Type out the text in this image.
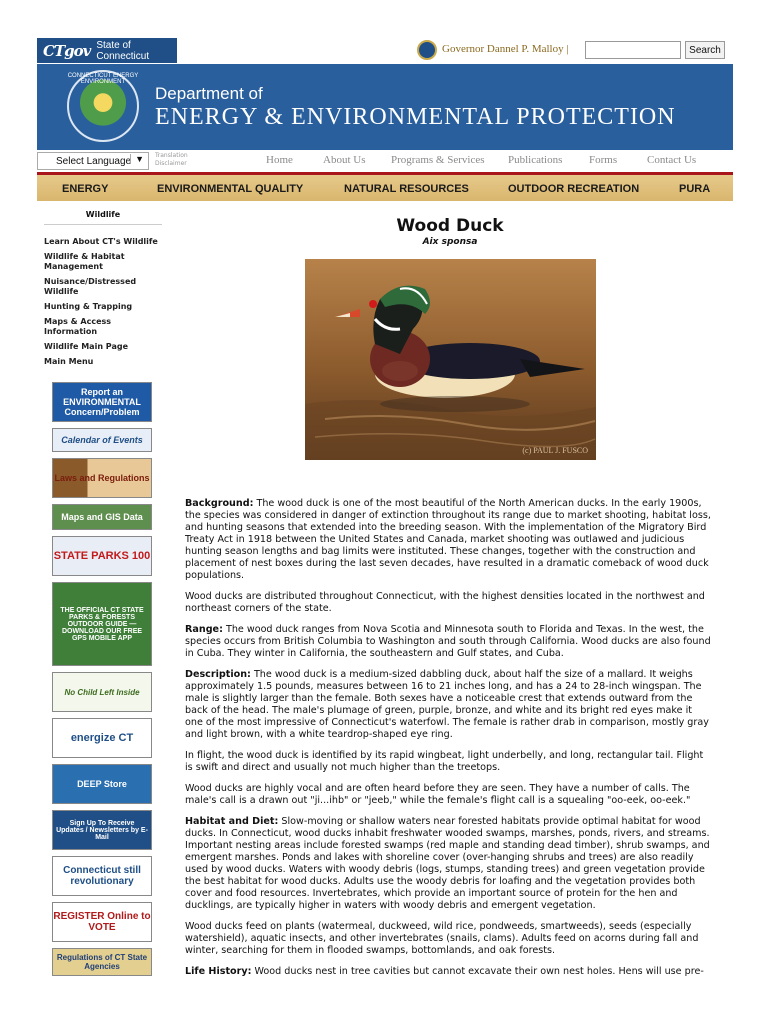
CTgov State of Connecticut
Governor Dannel P. Malloy |	Search
CONNECTICUT ENERGY ENVIRONMENT
Department of
ENERGY & ENVIRONMENTAL PROTECTION
Select Language ▼ Translation
Disclaimer	Home	About Us Programs & Services Publications Forms	Contact Us
ENERGY	ENVIRONMENTAL QUALITY	NATURAL RESOURCES	OUTDOOR RECREATION	PURA
Wildlife
Learn About CT's Wildlife
Wildlife & Habitat Management
Nuisance/Distressed Wildlife
Hunting & Trapping
Maps & Access Information
Wildlife Main Page
Main Menu
Report an ENVIRONMENTAL Concern/Problem
Calendar of Events
Laws and Regulations
Maps and GIS Data
STATE PARKS 100
THE OFFICIAL CT STATE PARKS & FORESTS OUTDOOR GUIDE — DOWNLOAD OUR FREE GPS MOBILE APP
No Child Left Inside
energize CT
DEEP Store
Sign Up To Receive Updates / Newsletters by E-Mail
Connecticut still revolutionary
REGISTER Online to VOTE
Regulations of CT State Agencies
Wood Duck
Aix sponsa
(c) PAUL J. FUSCO

Background: The wood duck is one of the most beautiful of the North American ducks. In the early 1900s, the species was considered in danger of extinction throughout its range due to market shooting, habitat loss, and hunting seasons that extended into the breeding season. With the implementation of the Migratory Bird Treaty Act in 1918 between the United States and Canada, market shooting was outlawed and judicious hunting season lengths and bag limits were instituted. These changes, together with the construction and placement of nest boxes during the last seven decades, have resulted in a dramatic comeback of wood duck populations.

Wood ducks are distributed throughout Connecticut, with the highest densities located in the northwest and northeast corners of the state.

Range: The wood duck ranges from Nova Scotia and Minnesota south to Florida and Texas. In the west, the species occurs from British Columbia to Washington and south through California. Wood ducks are also found in Cuba. They winter in California, the southeastern and Gulf states, and Cuba.

Description: The wood duck is a medium-sized dabbling duck, about half the size of a mallard. It weighs approximately 1.5 pounds, measures between 16 to 21 inches long, and has a 24 to 28-inch wingspan. The male is slightly larger than the female. Both sexes have a noticeable crest that extends outward from the back of the head. The male's plumage of green, purple, bronze, and white and its bright red eyes make it one of the most impressive of Connecticut's waterfowl. The female is rather drab in comparison, mostly gray and light brown, with a white teardrop-shaped eye ring.

In flight, the wood duck is identified by its rapid wingbeat, light underbelly, and long, rectangular tail. Flight is swift and direct and usually not much higher than the treetops.

Wood ducks are highly vocal and are often heard before they are seen. They have a number of calls. The male's call is a drawn out "ji...ihb" or "jeeb," while the female's flight call is a squealing "oo-eek, oo-eek."

Habitat and Diet: Slow-moving or shallow waters near forested habitats provide optimal habitat for wood ducks. In Connecticut, wood ducks inhabit freshwater wooded swamps, marshes, ponds, rivers, and streams. Important nesting areas include forested swamps (red maple and standing dead timber), shrub swamps, and emergent marshes. Ponds and lakes with shoreline cover (over-hanging shrubs and trees) are also readily used by wood ducks. Waters with woody debris (logs, stumps, standing trees) and green vegetation provide the best habitat for wood ducks. Adults use the woody debris for loafing and the vegetation provides both cover and food resources. Invertebrates, which provide an important source of protein for the hen and ducklings, are typically higher in waters with woody debris and emergent vegetation.

Wood ducks feed on plants (watermeal, duckweed, wild rice, pondweeds, smartweeds), seeds (especially watershield), aquatic insects, and other invertebrates (snails, clams). Adults feed on acorns during fall and winter, searching for them in flooded swamps, bottomlands, and oak forests.

Life History: Wood ducks nest in tree cavities but cannot excavate their own nest holes. Hens will use pre-
